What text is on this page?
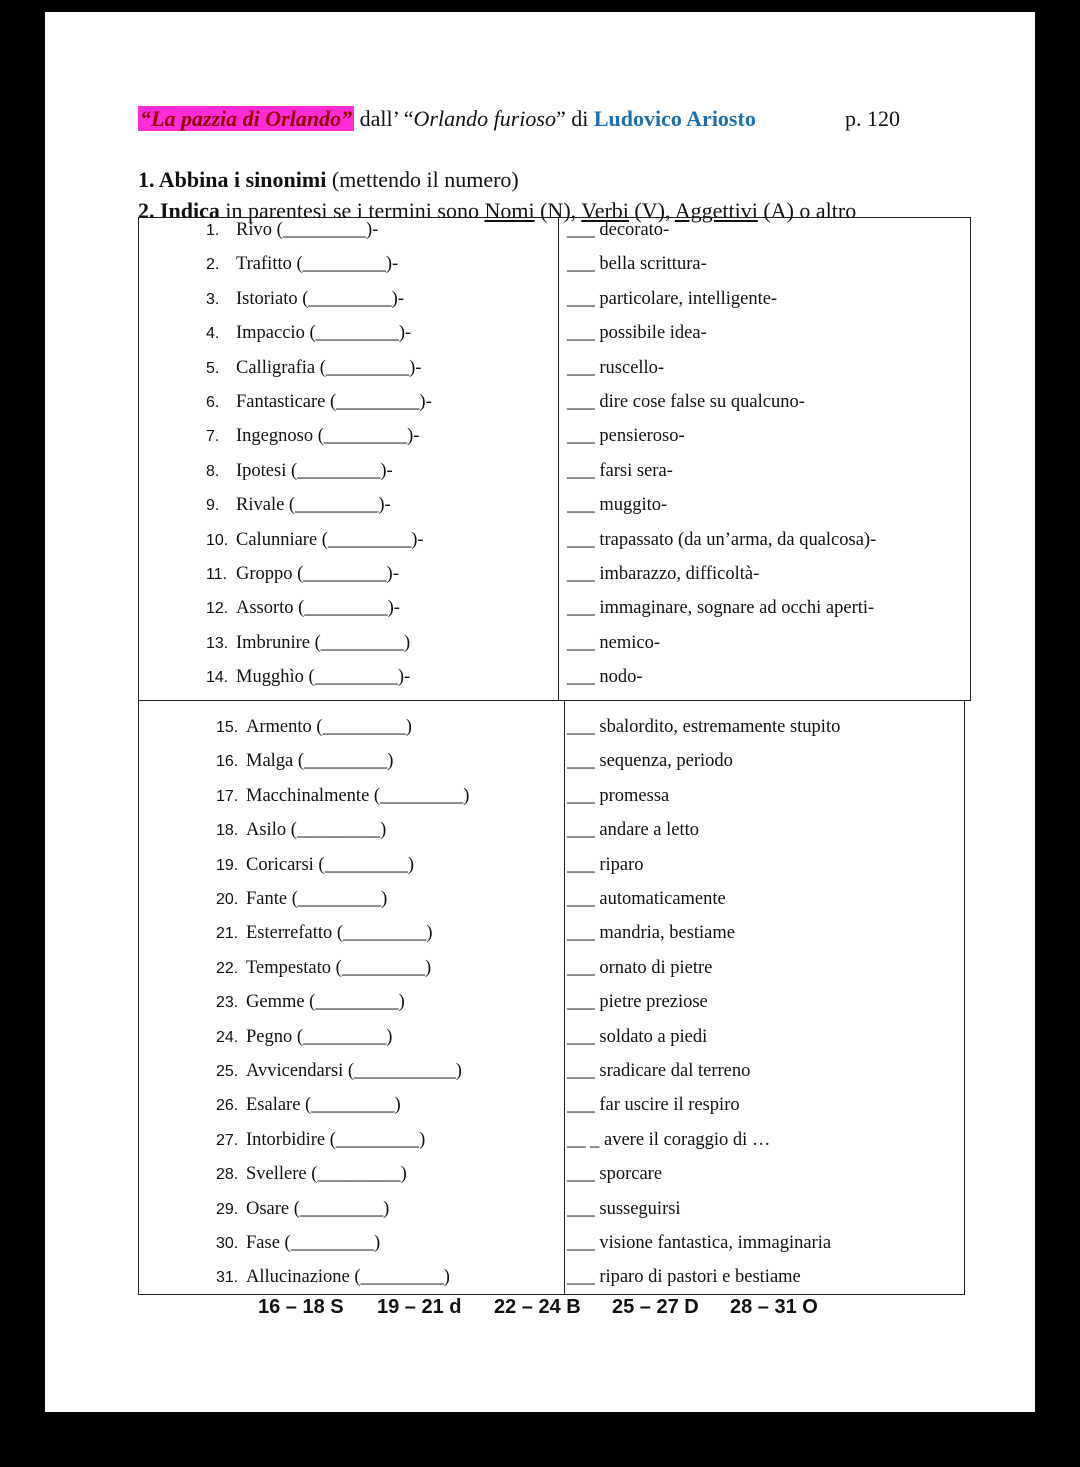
“La pazzia di Orlando” dall’ “Orlando furioso” di Ludovico Ariosto	p. 120
1. Abbina i sinonimi (mettendo il numero)
2. Indica in parentesi se i termini sono Nomi (N), Verbi (V), Aggettivi (A) o altro
1. Rivo (_________)-
2. Trafitto (_________)-
3. Istoriato (_________)-
4. Impaccio (_________)-
5. Calligrafia (_________)-
6. Fantasticare (_________)-
7. Ingegnoso (_________)-
8. Ipotesi (_________)-
9. Rivale (_________)-
10. Calunniare (_________)-
11. Groppo (_________)-
12. Assorto (_________)-
13. Imbrunire (_________)
14. Mugghìo (_________)-
___ decorato-
___ bella scrittura-
___ particolare, intelligente-
___ possibile idea-
___ ruscello-
___ dire cose false su qualcuno-
___ pensieroso-
___ farsi sera-
___ muggito-
___ trapassato (da un’arma, da qualcosa)-
___ imbarazzo, difficoltà-
___ immaginare, sognare ad occhi aperti-
___ nemico-
___ nodo-
15. Armento (_________)
16. Malga (_________)
17. Macchinalmente (_________)
18. Asilo (_________)
19. Coricarsi (_________)
20. Fante (_________)
21. Esterrefatto (_________)
22. Tempestato (_________)
23. Gemme (_________)
24. Pegno (_________)
25. Avvicendarsi (___________)
26. Esalare (_________)
27. Intorbidire (_________)
28. Svellere (_________)
29. Osare (_________)
30. Fase (_________)
31. Allucinazione (_________)
___ sbalordito, estremamente stupito
___ sequenza, periodo
___ promessa
___ andare a letto
___ riparo
___ automaticamente
___ mandria, bestiame
___ ornato di pietre
___ pietre preziose
___ soldato a piedi
___ sradicare dal terreno
___ far uscire il respiro
__ _ avere il coraggio di …
___ sporcare
___ susseguirsi
___ visione fantastica, immaginaria
___ riparo di pastori e bestiame
16 – 18 S 19 – 21 d 22 – 24 B 25 – 27 D 28 – 31 O
